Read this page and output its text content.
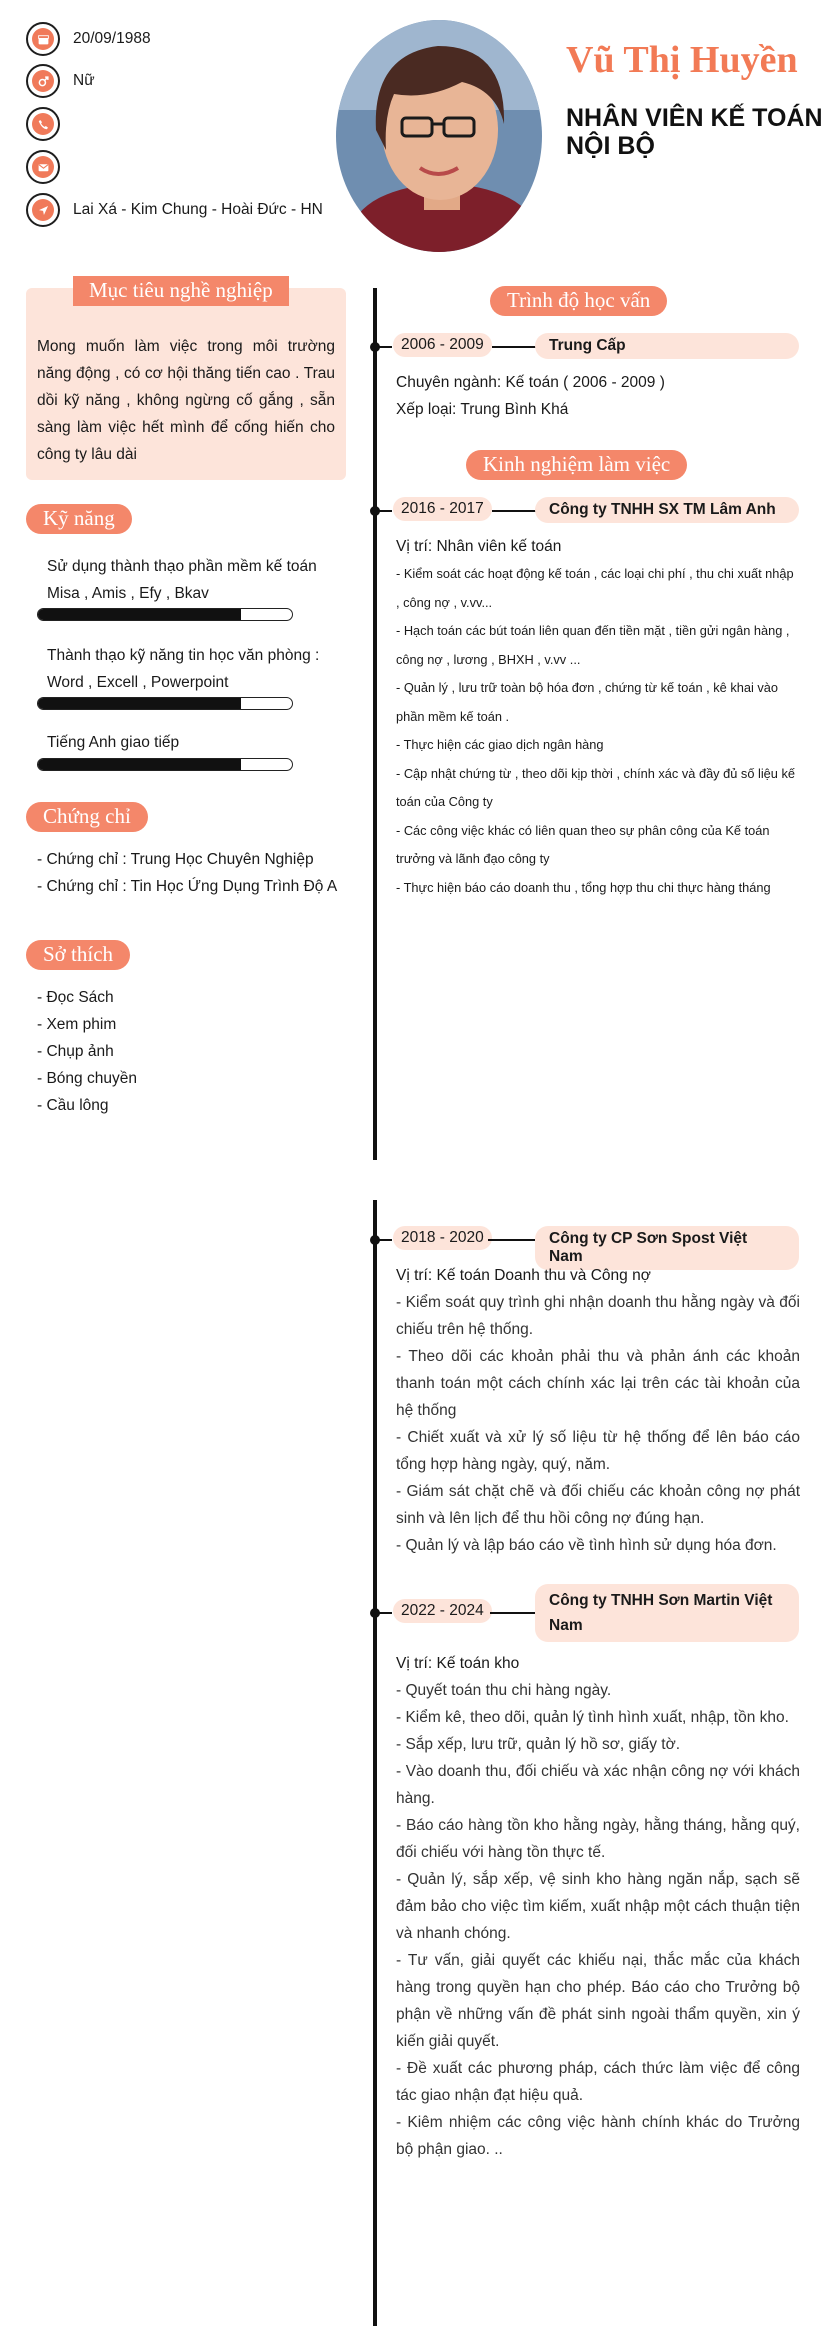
20/09/1988
Nữ
Lai Xá - Kim Chung - Hoài Đức - HN
Vũ Thị Huyền
NHÂN VIÊN KẾ TOÁN NỘI BỘ
Mục tiêu nghề nghiệp
Mong muốn làm việc trong môi trường năng động , có cơ hội thăng tiến cao . Trau dồi kỹ năng , không ngừng cố gắng , sẵn sàng làm việc hết mình để cống hiến cho công ty lâu dài
Kỹ năng
Sử dụng thành thạo phần mềm kế toán Misa , Amis , Efy , Bkav
Thành thạo kỹ năng tin học văn phòng : Word , Excell , Powerpoint
Tiếng Anh giao tiếp
Chứng chỉ
- Chứng chỉ : Trung Học Chuyên Nghiệp
- Chứng chỉ : Tin Học Ứng Dụng Trình Độ A
Sở thích
- Đọc Sách
- Xem phim
- Chụp ảnh
- Bóng chuyền
- Cầu lông
Trình độ học vấn
2006 - 2009	Trung Cấp
Chuyên ngành: Kế toán ( 2006 - 2009 )
Xếp loại: Trung Bình Khá
Kinh nghiệm làm việc
2016 - 2017	Công ty TNHH SX TM Lâm Anh
Vị trí: Nhân viên kế toán
- Kiểm soát các hoạt động kế toán , các loại chi phí , thu chi xuất nhập , công nợ , v.vv...
- Hạch toán các bút toán liên quan đến tiền mặt , tiền gửi ngân hàng , công nợ , lương , BHXH , v.vv ...
- Quản lý , lưu trữ toàn bộ hóa đơn , chứng từ kế toán , kê khai vào phần mềm kế toán .
- Thực hiện các giao dịch ngân hàng
- Cập nhật chứng từ , theo dõi kịp thời , chính xác và đầy đủ số liệu kế toán của Công ty
- Các công việc khác có liên quan theo sự phân công của Kế toán trưởng và lãnh đạo công ty
- Thực hiện báo cáo doanh thu , tổng hợp thu chi thực hàng tháng
2018 - 2020	Công ty CP Sơn Spost Việt Nam
Vị trí: Kế toán Doanh thu và Công nợ
- Kiểm soát quy trình ghi nhận doanh thu hằng ngày và đối chiếu trên hệ thống.
- Theo dõi các khoản phải thu và phản ánh các khoản thanh toán một cách chính xác lại trên các tài khoản của hệ thống
- Chiết xuất và xử lý số liệu từ hệ thống để lên báo cáo tổng hợp hàng ngày, quý, năm.
- Giám sát chặt chẽ và đối chiếu các khoản công nợ phát sinh và lên lịch để thu hồi công nợ đúng hạn.
- Quản lý và lập báo cáo về tình hình sử dụng hóa đơn.
2022 - 2024
Công ty TNHH Sơn Martin Việt Nam
Vị trí: Kế toán kho
- Quyết toán thu chi hàng ngày.
- Kiểm kê, theo dõi, quản lý tình hình xuất, nhập, tồn kho.
- Sắp xếp, lưu trữ, quản lý hồ sơ, giấy tờ.
- Vào doanh thu, đối chiếu và xác nhận công nợ với khách hàng.
- Báo cáo hàng tồn kho hằng ngày, hằng tháng, hằng quý, đối chiếu với hàng tồn thực tế.
- Quản lý, sắp xếp, vệ sinh kho hàng ngăn nắp, sạch sẽ đảm bảo cho việc tìm kiếm, xuất nhập một cách thuận tiện và nhanh chóng.
- Tư vấn, giải quyết các khiếu nại, thắc mắc của khách hàng trong quyền hạn cho phép. Báo cáo cho Trưởng bộ phận về những vấn đề phát sinh ngoài thẩm quyền, xin ý kiến giải quyết.
- Đề xuất các phương pháp, cách thức làm việc để công tác giao nhận đạt hiệu quả.
- Kiêm nhiệm các công việc hành chính khác do Trưởng bộ phận giao. ..
